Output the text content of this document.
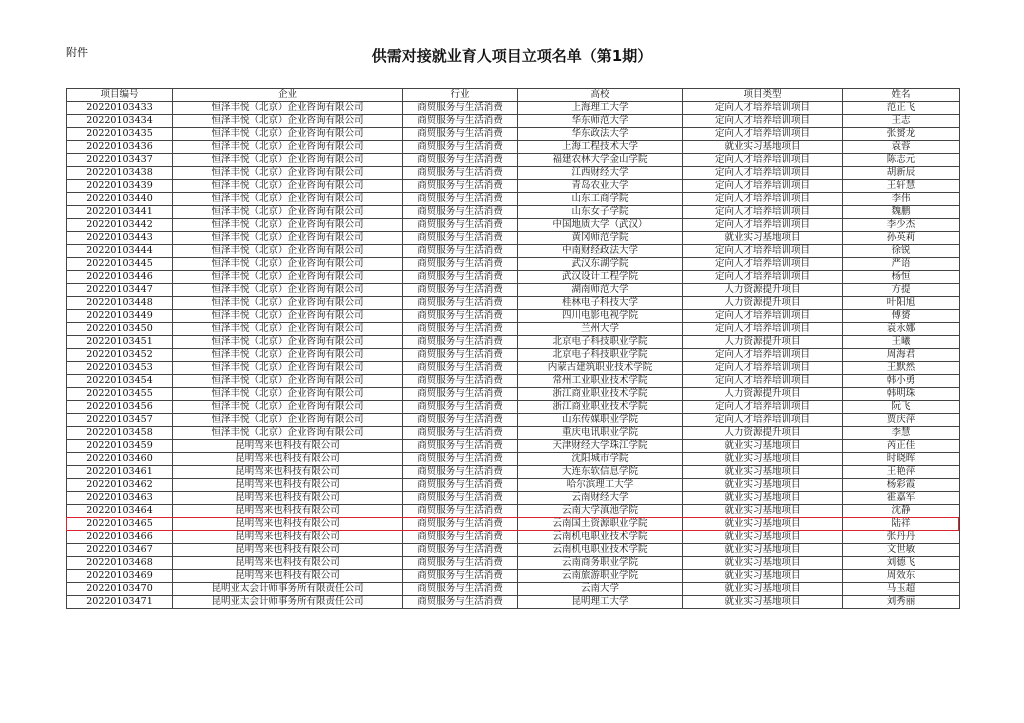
附件	供需对接就业育人项目立项名单（第1期）
项目编号	企业	行业	高校	项目类型	姓名
20220103433	恒泽丰悦（北京）企业咨询有限公司	商贸服务与生活消费	上海理工大学	定向人才培养培训项目	范正飞
20220103434	恒泽丰悦（北京）企业咨询有限公司	商贸服务与生活消费	华东师范大学	定向人才培养培训项目	王志
20220103435	恒泽丰悦（北京）企业咨询有限公司	商贸服务与生活消费	华东政法大学	定向人才培养培训项目	张赟龙
20220103436	恒泽丰悦（北京）企业咨询有限公司	商贸服务与生活消费	上海工程技术大学	就业实习基地项目	袁蓉
20220103437	恒泽丰悦（北京）企业咨询有限公司	商贸服务与生活消费	福建农林大学金山学院	定向人才培养培训项目	陈志元
20220103438	恒泽丰悦（北京）企业咨询有限公司	商贸服务与生活消费	江西财经大学	定向人才培养培训项目	胡新辰
20220103439	恒泽丰悦（北京）企业咨询有限公司	商贸服务与生活消费	青岛农业大学	定向人才培养培训项目	王轩慧
20220103440	恒泽丰悦（北京）企业咨询有限公司	商贸服务与生活消费	山东工商学院	定向人才培养培训项目	李伟
20220103441	恒泽丰悦（北京）企业咨询有限公司	商贸服务与生活消费	山东女子学院	定向人才培养培训项目	魏鹏
20220103442	恒泽丰悦（北京）企业咨询有限公司	商贸服务与生活消费	中国地质大学（武汉）	定向人才培养培训项目	李少杰
20220103443	恒泽丰悦（北京）企业咨询有限公司	商贸服务与生活消费	黄冈师范学院	就业实习基地项目	孙英莉
20220103444	恒泽丰悦（北京）企业咨询有限公司	商贸服务与生活消费	中南财经政法大学	定向人才培养培训项目	徐锐
20220103445	恒泽丰悦（北京）企业咨询有限公司	商贸服务与生活消费	武汉东湖学院	定向人才培养培训项目	严语
20220103446	恒泽丰悦（北京）企业咨询有限公司	商贸服务与生活消费	武汉设计工程学院	定向人才培养培训项目	杨恒
20220103447	恒泽丰悦（北京）企业咨询有限公司	商贸服务与生活消费	湖南师范大学	人力资源提升项目	方提
20220103448	恒泽丰悦（北京）企业咨询有限公司	商贸服务与生活消费	桂林电子科技大学	人力资源提升项目	叶阳旭
20220103449	恒泽丰悦（北京）企业咨询有限公司	商贸服务与生活消费	四川电影电视学院	定向人才培养培训项目	傅赟
20220103450	恒泽丰悦（北京）企业咨询有限公司	商贸服务与生活消费	兰州大学	定向人才培养培训项目	袁永娜
20220103451	恒泽丰悦（北京）企业咨询有限公司	商贸服务与生活消费	北京电子科技职业学院	人力资源提升项目	王曦
20220103452	恒泽丰悦（北京）企业咨询有限公司	商贸服务与生活消费	北京电子科技职业学院	定向人才培养培训项目	周海君
20220103453	恒泽丰悦（北京）企业咨询有限公司	商贸服务与生活消费	内蒙古建筑职业技术学院	定向人才培养培训项目	王默然
20220103454	恒泽丰悦（北京）企业咨询有限公司	商贸服务与生活消费	常州工业职业技术学院	定向人才培养培训项目	韩小勇
20220103455	恒泽丰悦（北京）企业咨询有限公司	商贸服务与生活消费	浙江商业职业技术学院	人力资源提升项目	韩明珠
20220103456	恒泽丰悦（北京）企业咨询有限公司	商贸服务与生活消费	浙江商业职业技术学院	定向人才培养培训项目	阮飞
20220103457	恒泽丰悦（北京）企业咨询有限公司	商贸服务与生活消费	山东传媒职业学院	定向人才培养培训项目	贾庆萍
20220103458	恒泽丰悦（北京）企业咨询有限公司	商贸服务与生活消费	重庆电讯职业学院	人力资源提升项目	李慧
20220103459	昆明驾来也科技有限公司	商贸服务与生活消费	天津财经大学珠江学院	就业实习基地项目	芮正佳
20220103460	昆明驾来也科技有限公司	商贸服务与生活消费	沈阳城市学院	就业实习基地项目	时晓晖
20220103461	昆明驾来也科技有限公司	商贸服务与生活消费	大连东软信息学院	就业实习基地项目	王艳萍
20220103462	昆明驾来也科技有限公司	商贸服务与生活消费	哈尔滨理工大学	就业实习基地项目	杨彩霞
20220103463	昆明驾来也科技有限公司	商贸服务与生活消费	云南财经大学	就业实习基地项目	霍嘉军
20220103464	昆明驾来也科技有限公司	商贸服务与生活消费	云南大学滇池学院	就业实习基地项目	沈静
20220103465	昆明驾来也科技有限公司	商贸服务与生活消费	云南国土资源职业学院	就业实习基地项目	陆祥
20220103466	昆明驾来也科技有限公司	商贸服务与生活消费	云南机电职业技术学院	就业实习基地项目	张丹丹
20220103467	昆明驾来也科技有限公司	商贸服务与生活消费	云南机电职业技术学院	就业实习基地项目	文世敏
20220103468	昆明驾来也科技有限公司	商贸服务与生活消费	云南商务职业学院	就业实习基地项目	刘德飞
20220103469	昆明驾来也科技有限公司	商贸服务与生活消费	云南旅游职业学院	就业实习基地项目	周效东
20220103470	昆明亚太会计师事务所有限责任公司	商贸服务与生活消费	云南大学	就业实习基地项目	马玉超
20220103471	昆明亚太会计师事务所有限责任公司	商贸服务与生活消费	昆明理工大学	就业实习基地项目	刘秀丽
